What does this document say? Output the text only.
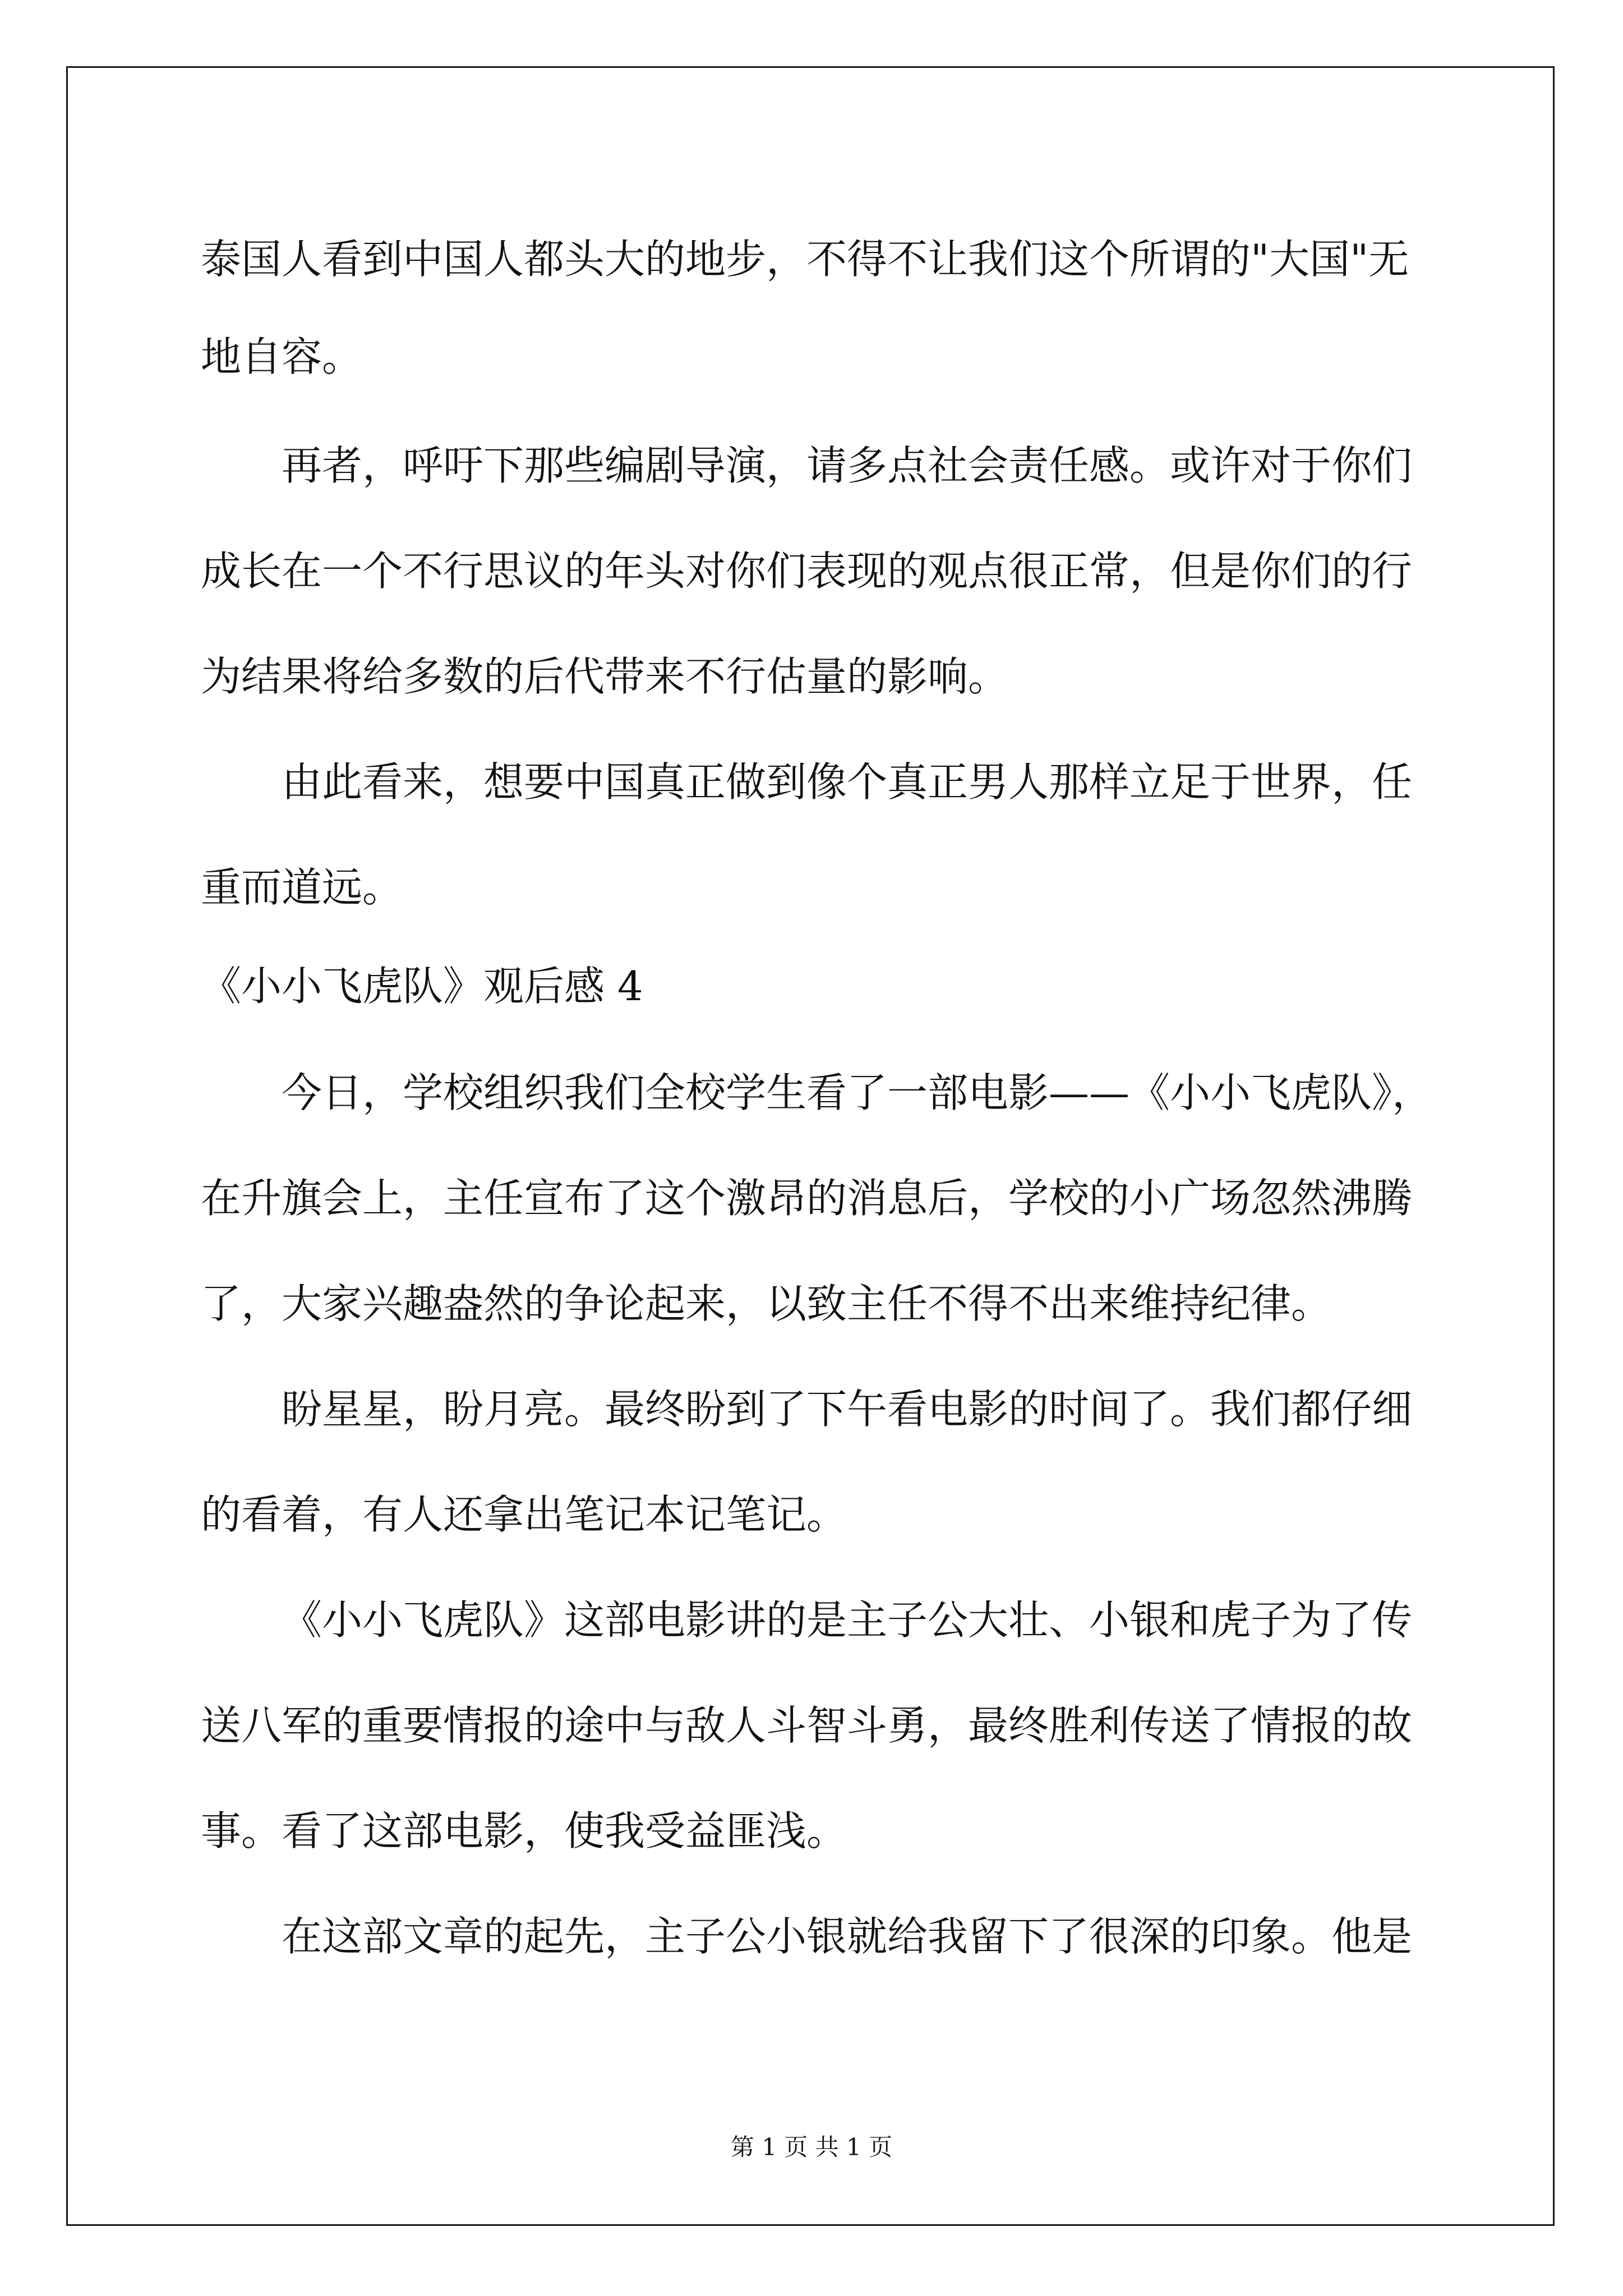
泰国人看到中国人都头大的地步，不得不让我们这个所谓的"大国"无
地自容。
再者，呼吁下那些编剧导演，请多点社会责任感。或许对于你们
成长在一个不行思议的年头对你们表现的观点很正常，但是你们的行
为结果将给多数的后代带来不行估量的影响。
由此看来，想要中国真正做到像个真正男人那样立足于世界，任
重而道远。
《小小飞虎队》观后感 4
今日，学校组织我们全校学生看了一部电影——《小小飞虎队》，
在升旗会上，主任宣布了这个激昂的消息后，学校的小广场忽然沸腾
了，大家兴趣盎然的争论起来，以致主任不得不出来维持纪律。
盼星星，盼月亮。最终盼到了下午看电影的时间了。我们都仔细
的看着，有人还拿出笔记本记笔记。
《小小飞虎队》这部电影讲的是主子公大壮、小银和虎子为了传
送八军的重要情报的途中与敌人斗智斗勇，最终胜利传送了情报的故
事。看了这部电影，使我受益匪浅。
在这部文章的起先，主子公小银就给我留下了很深的印象。他是
第 1 页 共 1 页
